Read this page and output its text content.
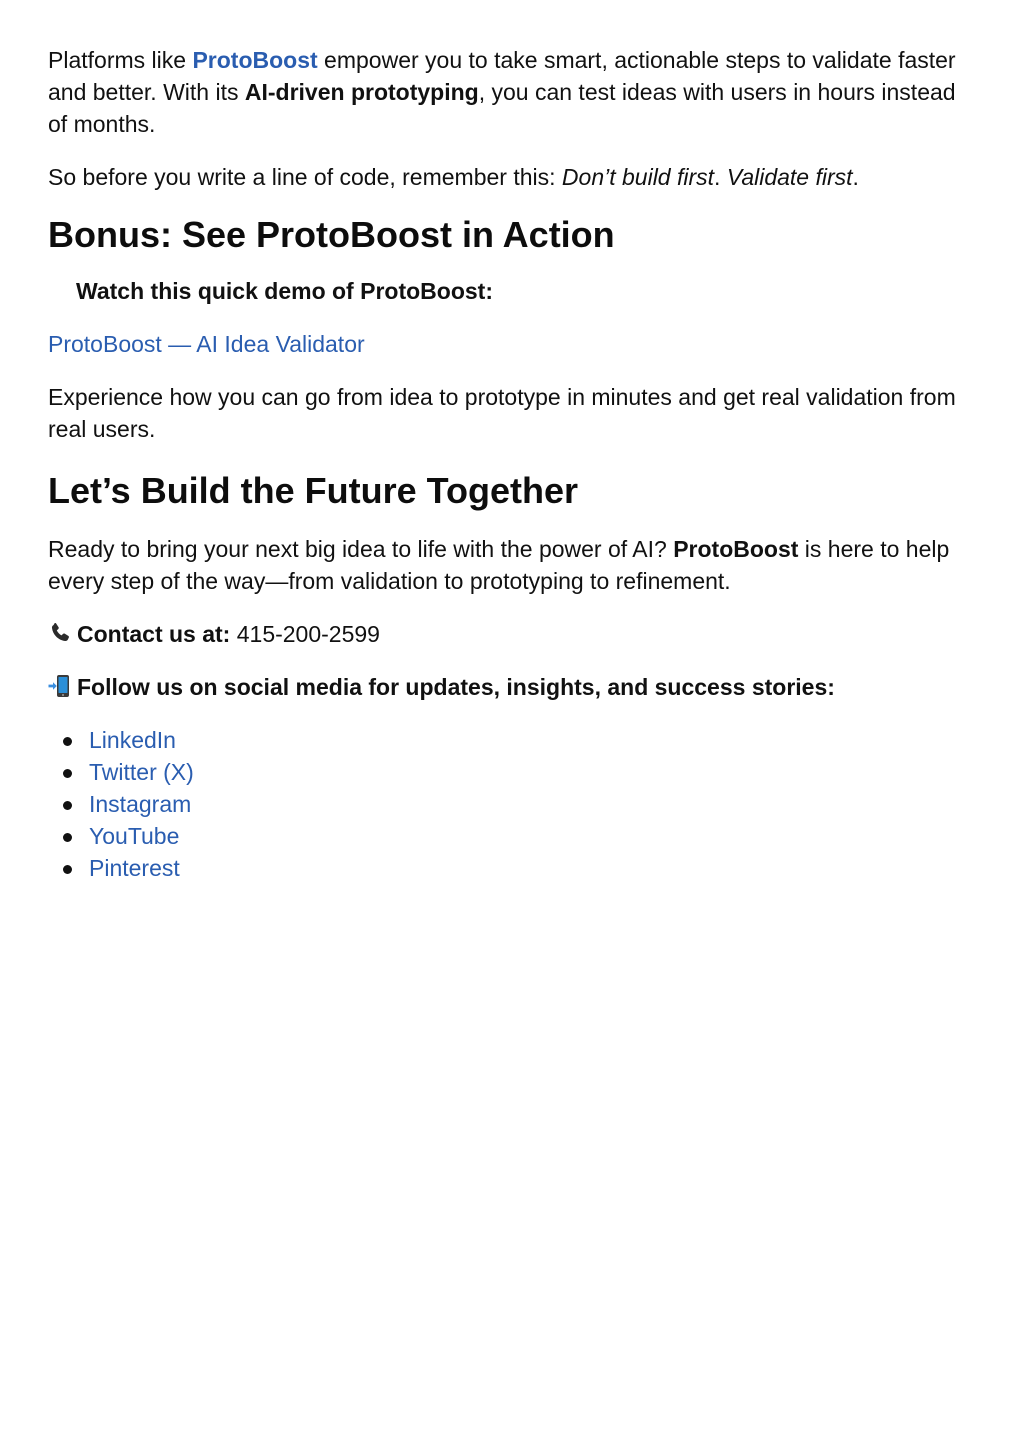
Platforms like ProtoBoost empower you to take smart, actionable steps to validate faster and better. With its AI-driven prototyping, you can test ideas with users in hours instead of months.

So before you write a line of code, remember this: Don’t build first. Validate first.

Bonus: See ProtoBoost in Action

Watch this quick demo of ProtoBoost:

ProtoBoost — AI Idea Validator

Experience how you can go from idea to prototype in minutes and get real validation from real users.

Let’s Build the Future Together

Ready to bring your next big idea to life with the power of AI? ProtoBoost is here to help every step of the way—from validation to prototyping to refinement.

Contact us at: 415-200-2599

Follow us on social media for updates, insights, and success stories:

LinkedIn
Twitter (X)
Instagram
YouTube
Pinterest
